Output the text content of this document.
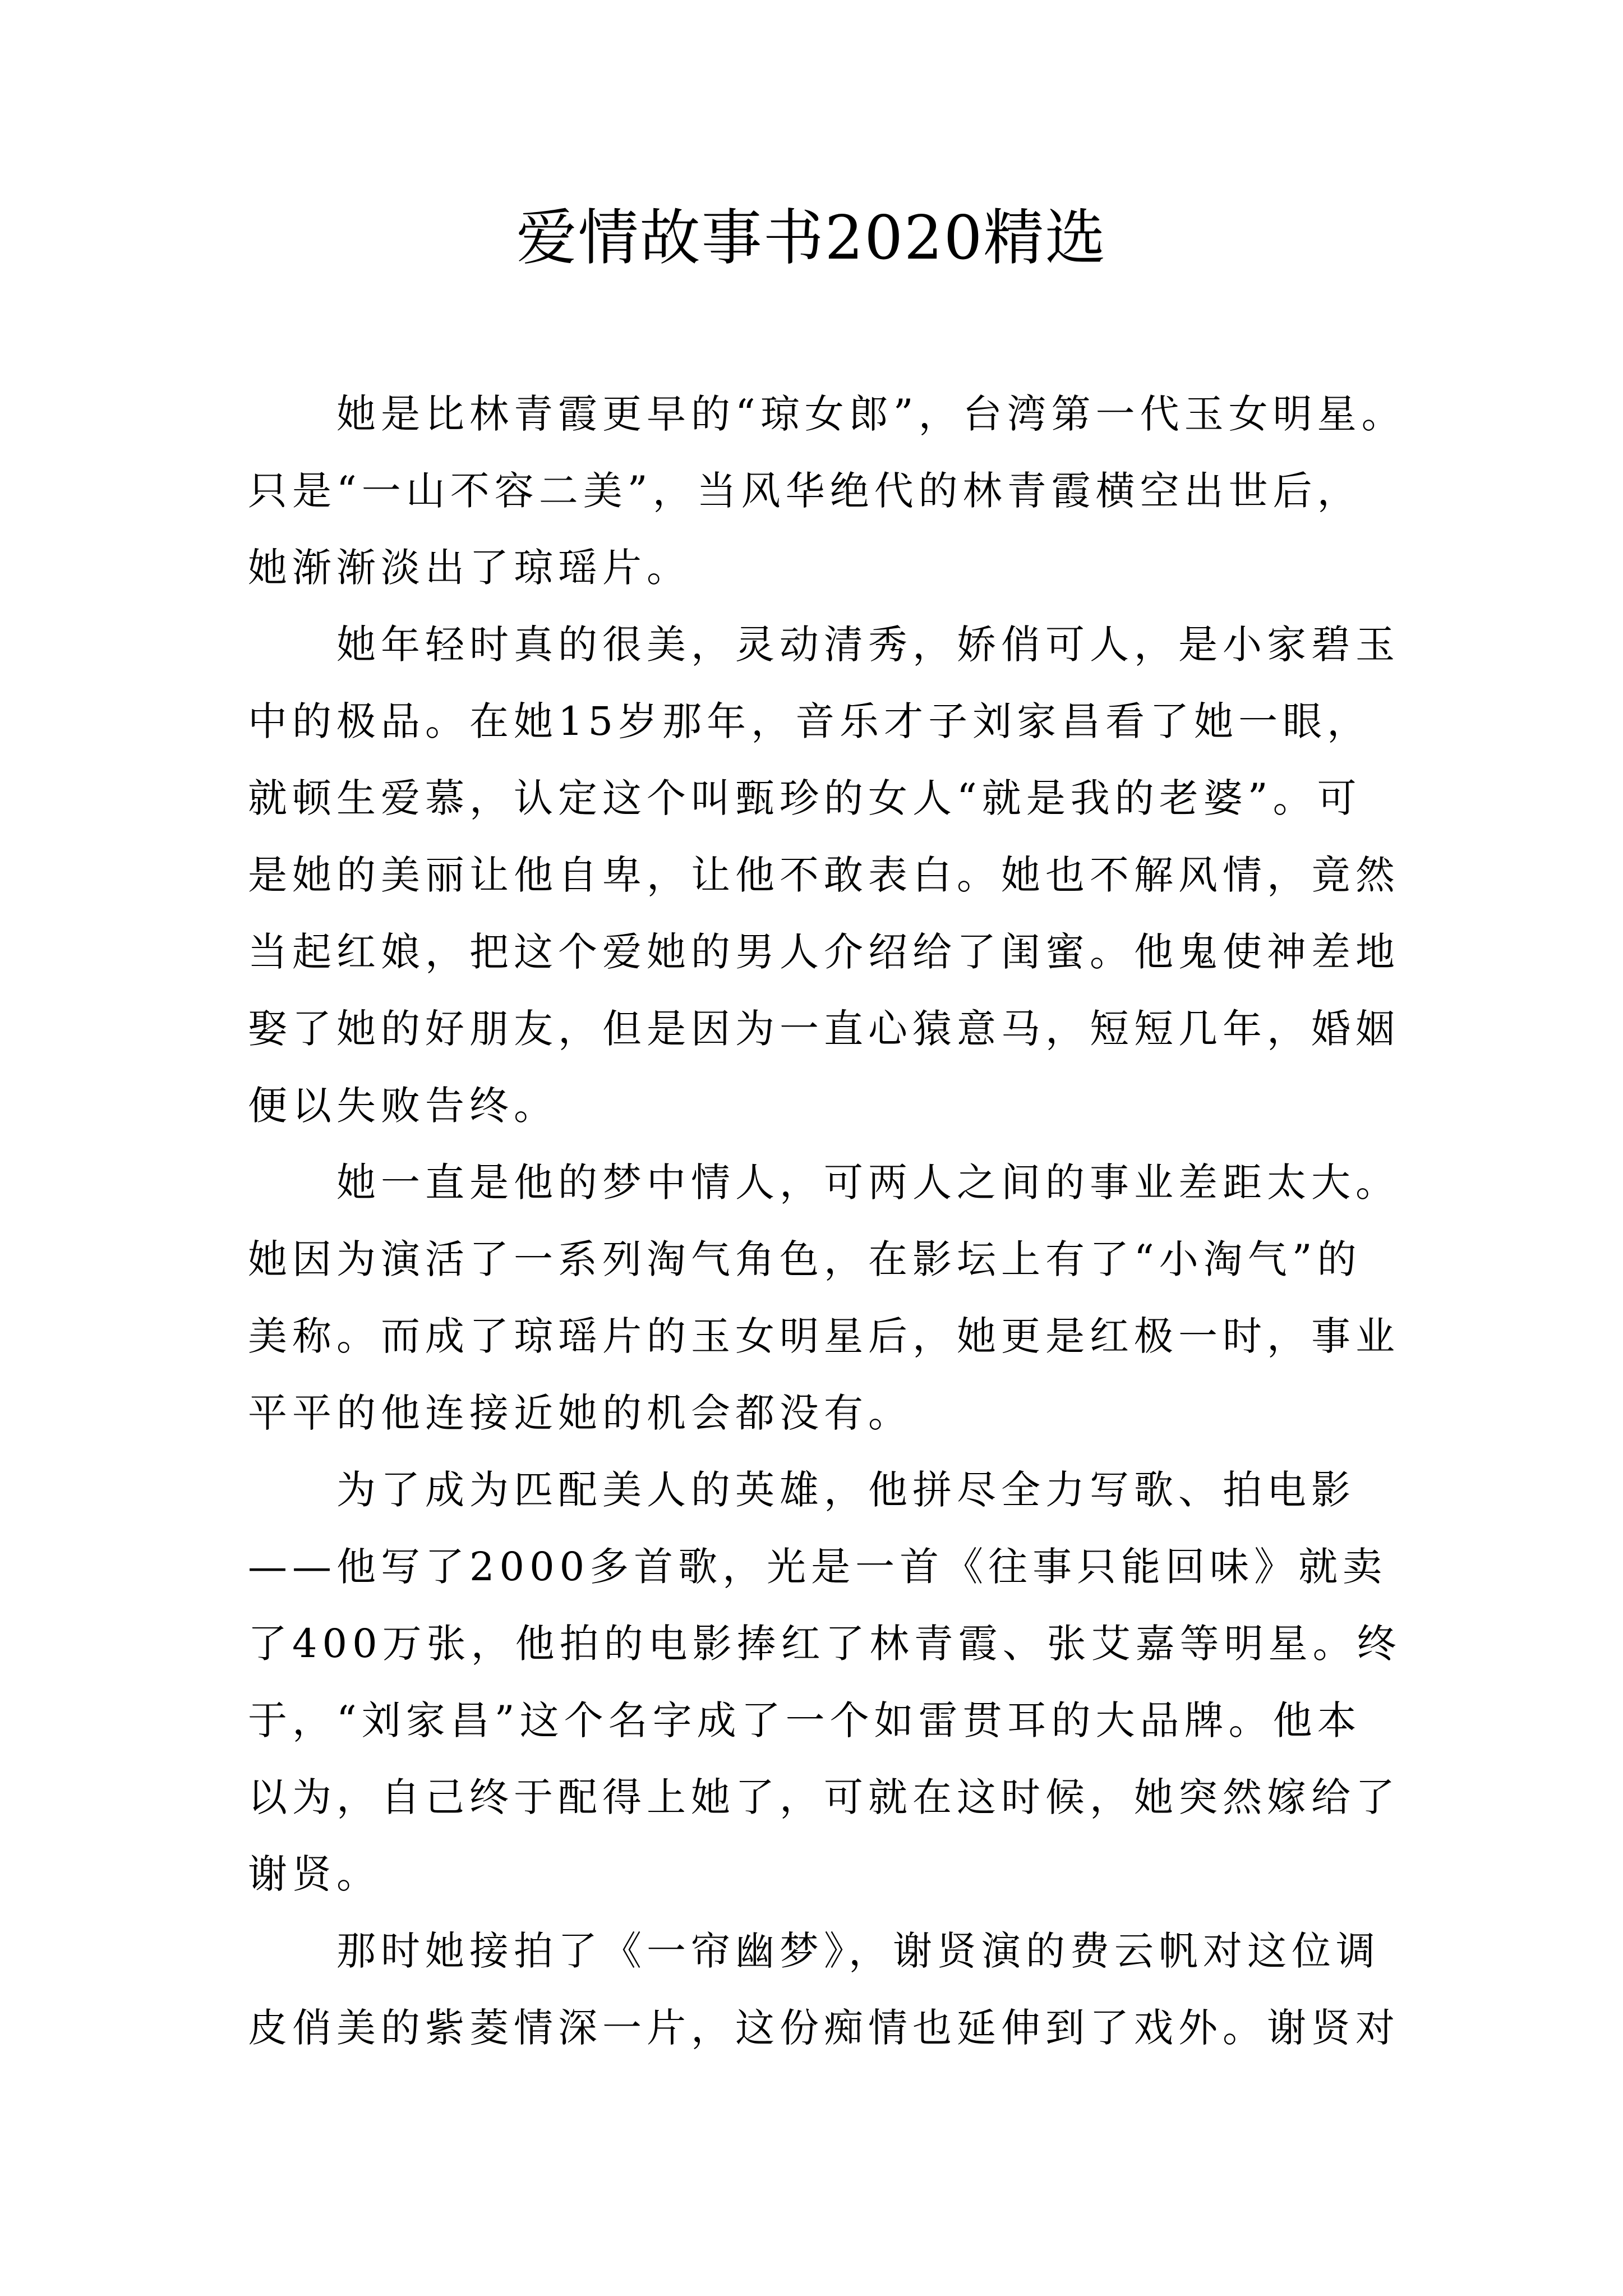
爱情故事书2020精选

她是比林青霞更早的“琼女郎”，台湾第一代玉女明星。
只是“一山不容二美”，当风华绝代的林青霞横空出世后，
她渐渐淡出了琼瑶片。

她年轻时真的很美，灵动清秀，娇俏可人，是小家碧玉
中的极品。在她15岁那年，音乐才子刘家昌看了她一眼，
就顿生爱慕，认定这个叫甄珍的女人“就是我的老婆”。可
是她的美丽让他自卑，让他不敢表白。她也不解风情，竟然
当起红娘，把这个爱她的男人介绍给了闺蜜。他鬼使神差地
娶了她的好朋友，但是因为一直心猿意马，短短几年，婚姻
便以失败告终。

她一直是他的梦中情人，可两人之间的事业差距太大。
她因为演活了一系列淘气角色，在影坛上有了“小淘气”的
美称。而成了琼瑶片的玉女明星后，她更是红极一时，事业
平平的他连接近她的机会都没有。

为了成为匹配美人的英雄，他拼尽全力写歌、拍电影
——他写了2000多首歌，光是一首《往事只能回味》就卖
了400万张，他拍的电影捧红了林青霞、张艾嘉等明星。终
于，“刘家昌”这个名字成了一个如雷贯耳的大品牌。他本
以为，自己终于配得上她了，可就在这时候，她突然嫁给了
谢贤。

那时她接拍了《一帘幽梦》，谢贤演的费云帆对这位调
皮俏美的紫菱情深一片，这份痴情也延伸到了戏外。谢贤对
